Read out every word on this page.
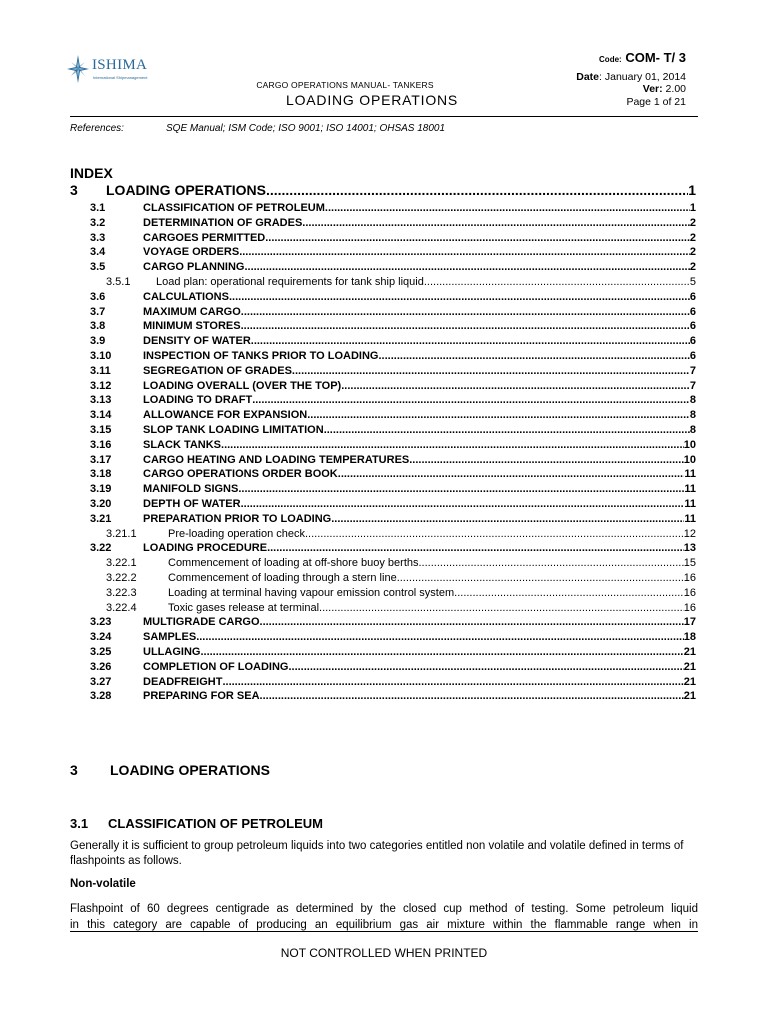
ISHIMA
International Shipmanagement
CARGO OPERATIONS MANUAL- TANKERS
LOADING OPERATIONS
Code: COM- T/ 3
Date: January 01, 2014
Ver: 2.00
Page 1 of 21
References:	SQE Manual; ISM Code; ISO 9001; ISO 14001; OHSAS 18001
INDEX
3	LOADING OPERATIONS .....	1
3.1	CLASSIFICATION OF PETROLEUM .....	1
3.2	DETERMINATION OF GRADES .....	2
3.3	CARGOES PERMITTED .....	2
3.4	VOYAGE ORDERS .....	2
3.5	CARGO PLANNING .....	2
3.5.1	Load plan: operational requirements for tank ship liquid .....	5
3.6	CALCULATIONS .....	6
3.7	MAXIMUM CARGO .....	6
3.8	MINIMUM STORES .....	6
3.9	DENSITY OF WATER .....	6
3.10	INSPECTION OF TANKS PRIOR TO LOADING .....	6
3.11	SEGREGATION OF GRADES .....	7
3.12	LOADING OVERALL (OVER THE TOP) .....	7
3.13	LOADING TO DRAFT .....	8
3.14	ALLOWANCE FOR EXPANSION .....	8
3.15	SLOP TANK LOADING LIMITATION .....	8
3.16	SLACK TANKS .....	10
3.17	CARGO HEATING AND LOADING TEMPERATURES .....	10
3.18	CARGO OPERATIONS ORDER BOOK .....	11
3.19	MANIFOLD SIGNS .....	11
3.20	DEPTH OF WATER .....	11
3.21	PREPARATION PRIOR TO LOADING .....	11
3.21.1	Pre-loading operation check .....	12
3.22	LOADING PROCEDURE .....	13
3.22.1	Commencement of loading at off-shore buoy berths .....	15
3.22.2	Commencement of loading through a stern line .....	16
3.22.3	Loading at terminal having vapour emission control system .....	16
3.22.4	Toxic gases release at terminal .....	16
3.23	MULTIGRADE CARGO .....	17
3.24	SAMPLES .....	18
3.25	ULLAGING .....	21
3.26	COMPLETION OF LOADING .....	21
3.27	DEADFREIGHT .....	21
3.28	PREPARING FOR SEA .....	21
3 LOADING OPERATIONS
3.1 CLASSIFICATION OF PETROLEUM
Generally it is sufficient to group petroleum liquids into two categories entitled non volatile and volatile defined in terms of flashpoints as follows.
Non-volatile
Flashpoint of 60 degrees centigrade as determined by the closed cup method of testing. Some petroleum liquid
in this category are capable of producing an equilibrium gas air mixture within the flammable range when in
NOT CONTROLLED WHEN PRINTED
